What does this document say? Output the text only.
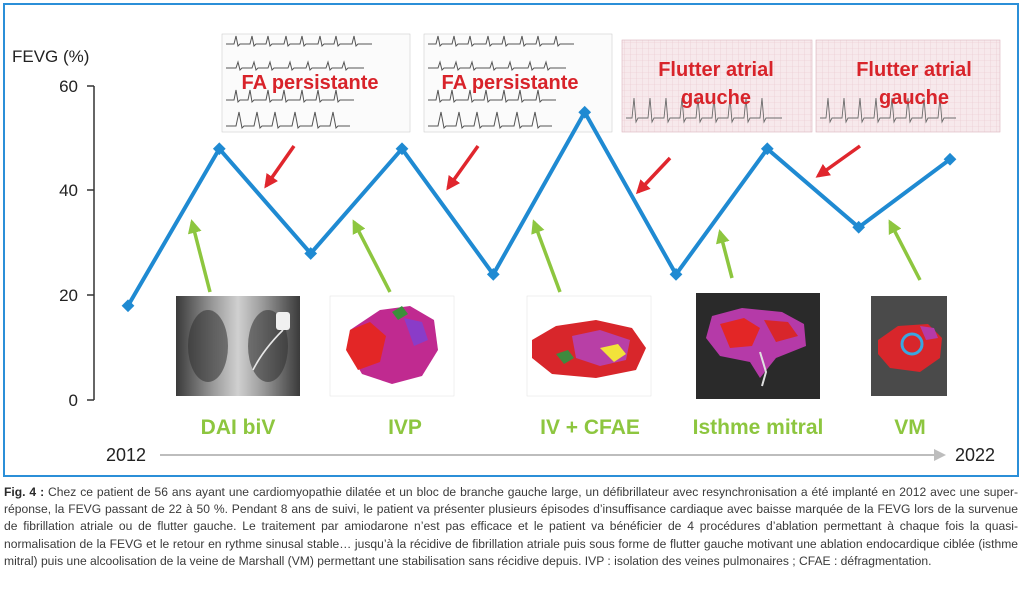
FEVG (%)
60
40
20
0
2012	2022
FA persistante	FA persistante
Flutter atrial
gauche
Flutter atrial
gauche
DAI biV	IVP	IV + CFAE	Isthme mitral	VM
Fig. 4 : Chez ce patient de 56 ans ayant une cardiomyopathie dilatée et un bloc de branche gauche large, un défibrillateur avec resynchronisation a été implanté en 2012 avec une super-réponse, la FEVG passant de 22 à 50 %. Pendant 8 ans de suivi, le patient va présenter plusieurs épisodes d’insuffisance cardiaque avec baisse marquée de la FEVG lors de la survenue de fibrillation atriale ou de flutter gauche. Le traitement par amiodarone n’est pas efficace et le patient va bénéficier de 4 procédures d’ablation permettant à chaque fois la quasi-normalisation de la FEVG et le retour en rythme sinusal stable… jusqu’à la récidive de fibrillation atriale puis sous forme de flutter gauche motivant une ablation endocardique ciblée (isthme mitral) puis une alcoolisation de la veine de Marshall (VM) permettant une stabilisation sans récidive depuis. IVP : isolation des veines pulmonaires ; CFAE : défragmentation.
